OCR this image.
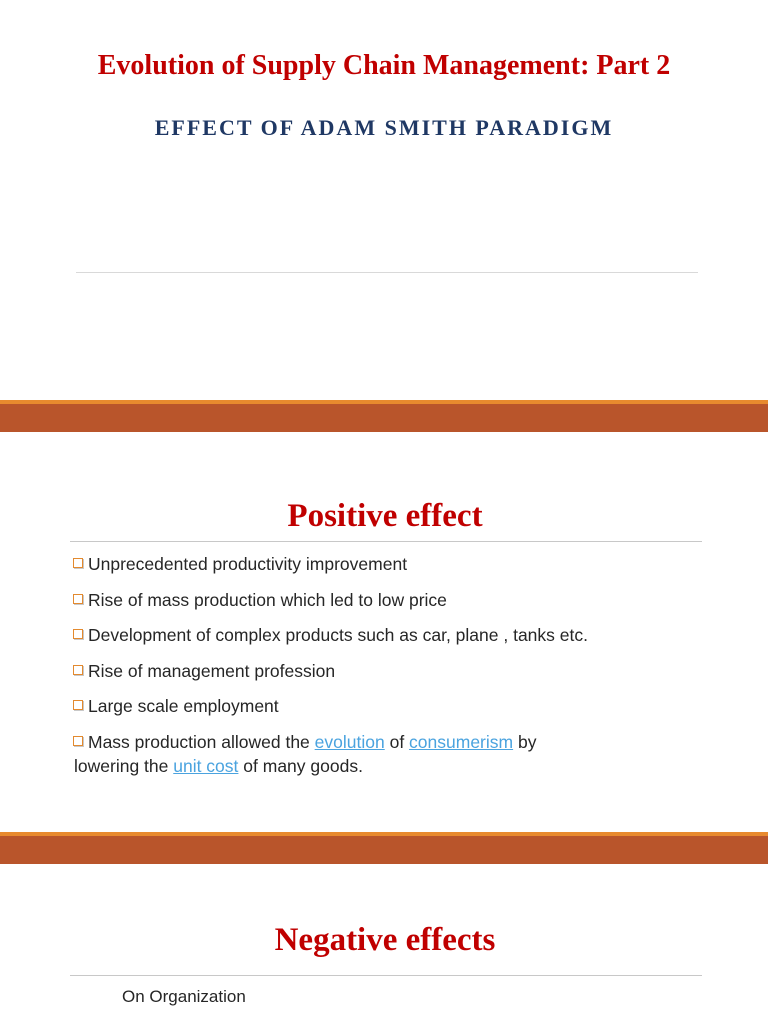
Evolution of Supply Chain Management: Part 2
EFFECT OF ADAM SMITH PARADIGM
Positive effect
Unprecedented productivity improvement
Rise of mass production which led to low price
Development of complex products such as car, plane , tanks etc.
Rise of management profession
Large scale employment
Mass production allowed the evolution of consumerism by
lowering the unit cost of many goods.
Negative effects
On Organization
